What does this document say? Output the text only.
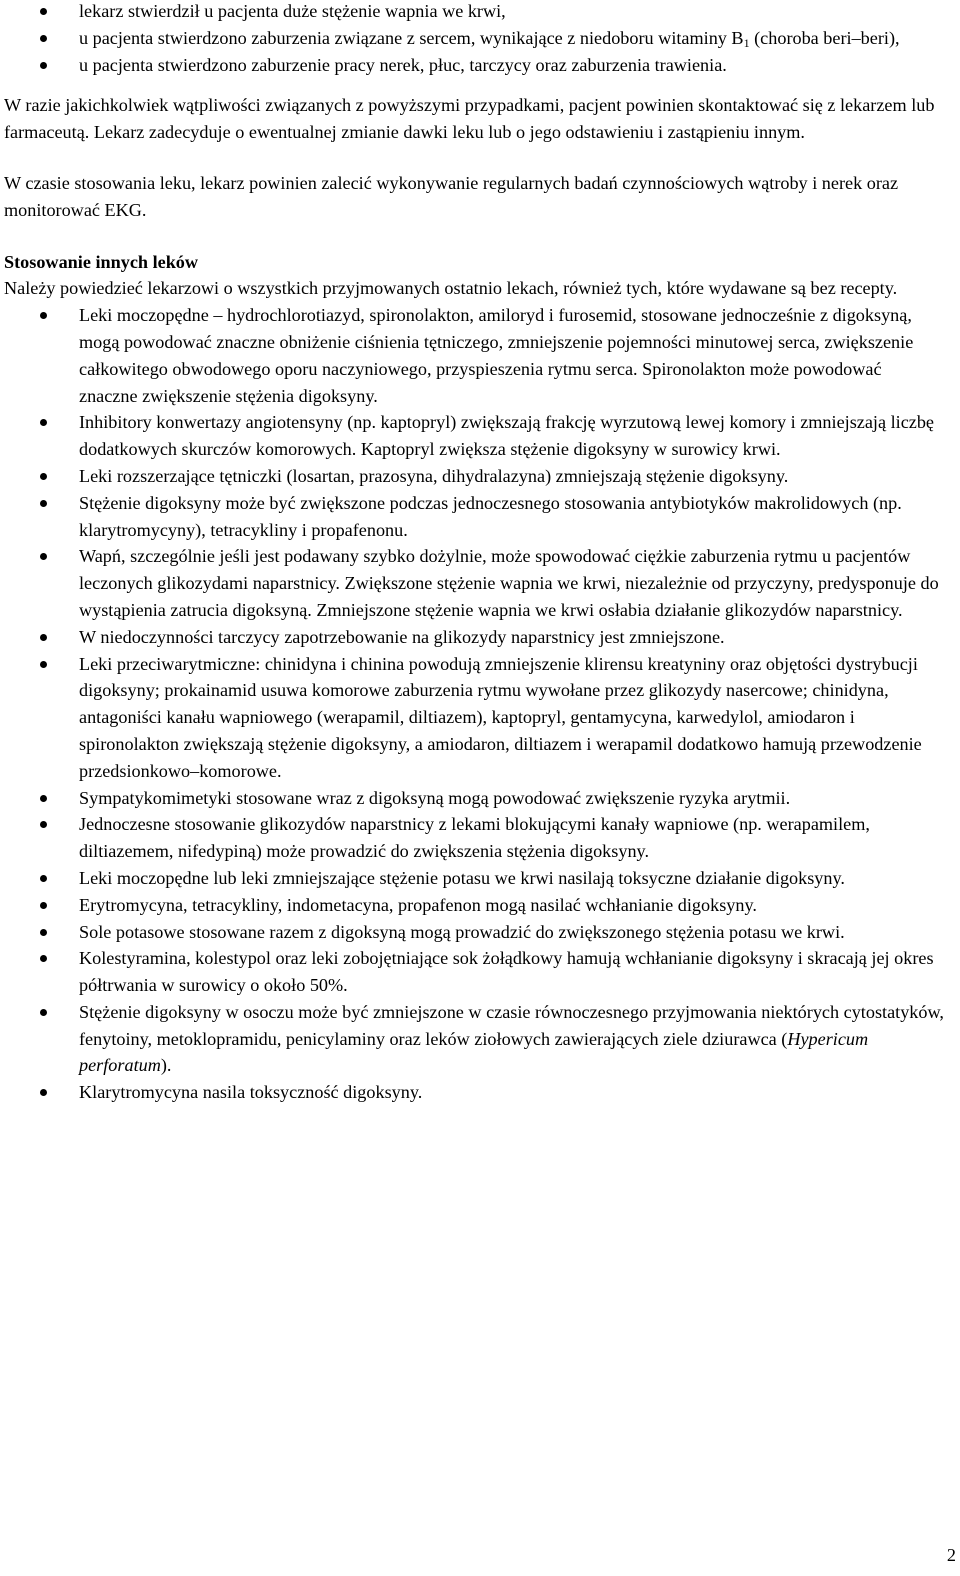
lekarz stwierdził u pacjenta duże stężenie wapnia we krwi,
u pacjenta stwierdzono zaburzenia związane z sercem, wynikające z niedoboru witaminy $B_1$ (choroba beri–beri),
u pacjenta stwierdzono zaburzenie pracy nerek, płuc, tarczycy oraz zaburzenia trawienia.

W razie jakichkolwiek wątpliwości związanych z powyższymi przypadkami, pacjent powinien skontaktować się z lekarzem lub farmaceutą. Lekarz zadecyduje o ewentualnej zmianie dawki leku lub o jego odstawieniu i zastąpieniu innym.

W czasie stosowania leku, lekarz powinien zalecić wykonywanie regularnych badań czynnościowych wątroby i nerek oraz monitorować EKG.

Stosowanie innych leków

Należy powiedzieć lekarzowi o wszystkich przyjmowanych ostatnio lekach, również tych, które wydawane są bez recepty.

Leki moczopędne – hydrochlorotiazyd, spironolakton, amiloryd i furosemid, stosowane jednocześnie z digoksyną, mogą powodować znaczne obniżenie ciśnienia tętniczego, zmniejszenie pojemności minutowej serca, zwiększenie całkowitego obwodowego oporu naczyniowego, przyspieszenia rytmu serca. Spironolakton może powodować znaczne zwiększenie stężenia digoksyny.
Inhibitory konwertazy angiotensyny (np. kaptopryl) zwiększają frakcję wyrzutową lewej komory i zmniejszają liczbę dodatkowych skurczów komorowych. Kaptopryl zwiększa stężenie digoksyny w surowicy krwi.
Leki rozszerzające tętniczki (losartan, prazosyna, dihydralazyna) zmniejszają stężenie digoksyny.
Stężenie digoksyny może być zwiększone podczas jednoczesnego stosowania antybiotyków makrolidowych (np. klarytromycyny), tetracykliny i propafenonu.
Wapń, szczególnie jeśli jest podawany szybko dożylnie, może spowodować ciężkie zaburzenia rytmu u pacjentów leczonych glikozydami naparstnicy. Zwiększone stężenie wapnia we krwi, niezależnie od przyczyny, predysponuje do wystąpienia zatrucia digoksyną. Zmniejszone stężenie wapnia we krwi osłabia działanie glikozydów naparstnicy.
W niedoczynności tarczycy zapotrzebowanie na glikozydy naparstnicy jest zmniejszone.
Leki przeciwarytmiczne: chinidyna i chinina powodują zmniejszenie klirensu kreatyniny oraz objętości dystrybucji digoksyny; prokainamid usuwa komorowe zaburzenia rytmu wywołane przez glikozydy nasercowe; chinidyna, antagoniści kanału wapniowego (werapamil, diltiazem), kaptopryl, gentamycyna, karwedylol, amiodaron i spironolakton zwiększają stężenie digoksyny, a amiodaron, diltiazem i werapamil dodatkowo hamują przewodzenie przedsionkowo–komorowe.
Sympatykomimetyki stosowane wraz z digoksyną mogą powodować zwiększenie ryzyka arytmii.
Jednoczesne stosowanie glikozydów naparstnicy z lekami blokującymi kanały wapniowe (np. werapamilem, diltiazemem, nifedypiną) może prowadzić do zwiększenia stężenia digoksyny.
Leki moczopędne lub leki zmniejszające stężenie potasu we krwi nasilają toksyczne działanie digoksyny.
Erytromycyna, tetracykliny, indometacyna, propafenon mogą nasilać wchłanianie digoksyny.
Sole potasowe stosowane razem z digoksyną mogą prowadzić do zwiększonego stężenia potasu we krwi.
Kolestyramina, kolestypol oraz leki zobojętniające sok żołądkowy hamują wchłanianie digoksyny i skracają jej okres półtrwania w surowicy o około 50%.
Stężenie digoksyny w osoczu może być zmniejszone w czasie równoczesnego przyjmowania niektórych cytostatyków, fenytoiny, metoklopramidu, penicylaminy oraz leków ziołowych zawierających ziele dziurawca (Hypericum perforatum).
Klarytromycyna nasila toksyczność digoksyny.
2
